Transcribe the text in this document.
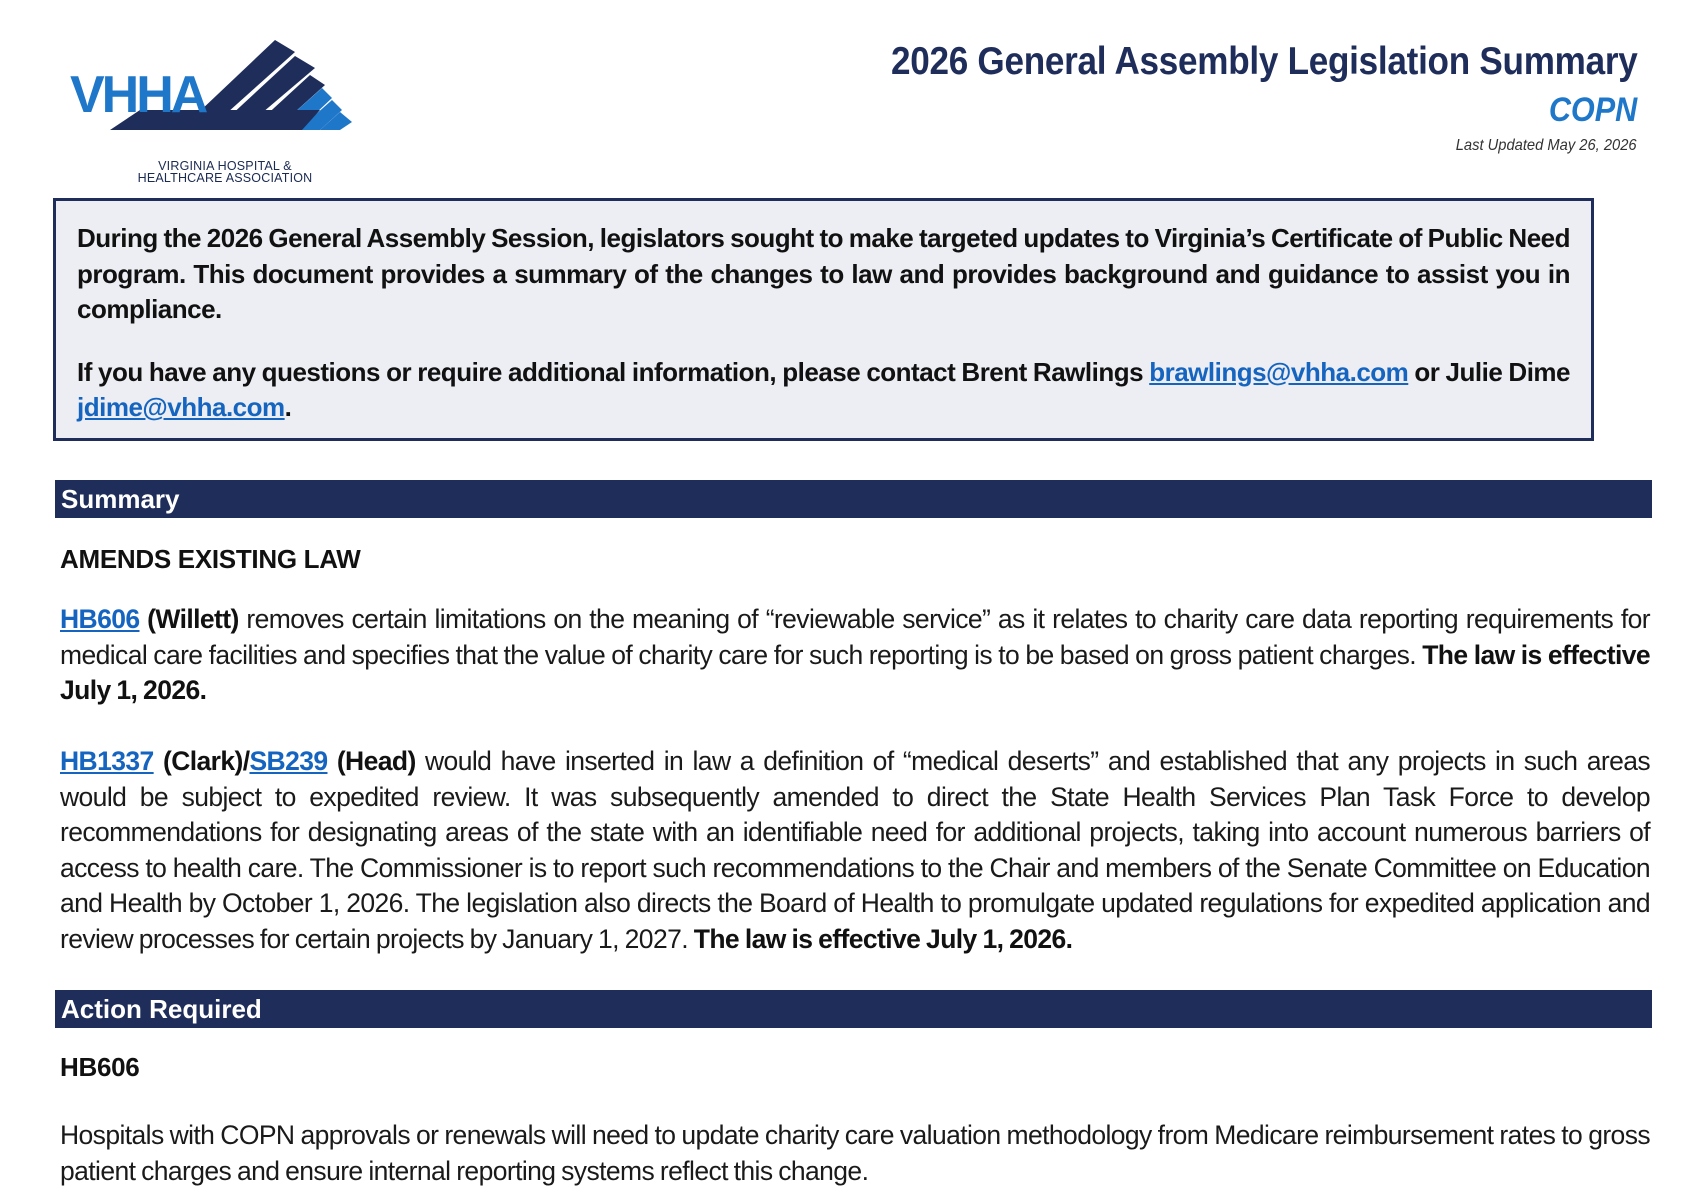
VHHA
VIRGINIA HOSPITAL &
HEALTHCARE ASSOCIATION
2026 General Assembly Legislation Summary
COPN
Last Updated May 26, 2026

During the 2026 General Assembly Session, legislators sought to make targeted updates to Virginia’s Certificate of Public Need program. This document provides a summary of the changes to law and provides background and guidance to assist you in compliance.

If you have any questions or require additional information, please contact Brent Rawlings brawlings@vhha.com or Julie Dime jdime@vhha.com.

Summary
AMENDS EXISTING LAW

HB606 (Willett) removes certain limitations on the meaning of “reviewable service” as it relates to charity care data reporting requirements for medical care facilities and specifies that the value of charity care for such reporting is to be based on gross patient charges. The law is effective July 1, 2026.

HB1337 (Clark)/SB239 (Head) would have inserted in law a definition of “medical deserts” and established that any projects in such areas would be subject to expedited review. It was subsequently amended to direct the State Health Services Plan Task Force to develop recommendations for designating areas of the state with an identifiable need for additional projects, taking into account numerous barriers of access to health care. The Commissioner is to report such recommendations to the Chair and members of the Senate Committee on Education and Health by October 1, 2026. The legislation also directs the Board of Health to promulgate updated regulations for expedited application and review processes for certain projects by January 1, 2027. The law is effective July 1, 2026.

Action Required
HB606

Hospitals with COPN approvals or renewals will need to update charity care valuation methodology from Medicare reimbursement rates to gross patient charges and ensure internal reporting systems reflect this change.
